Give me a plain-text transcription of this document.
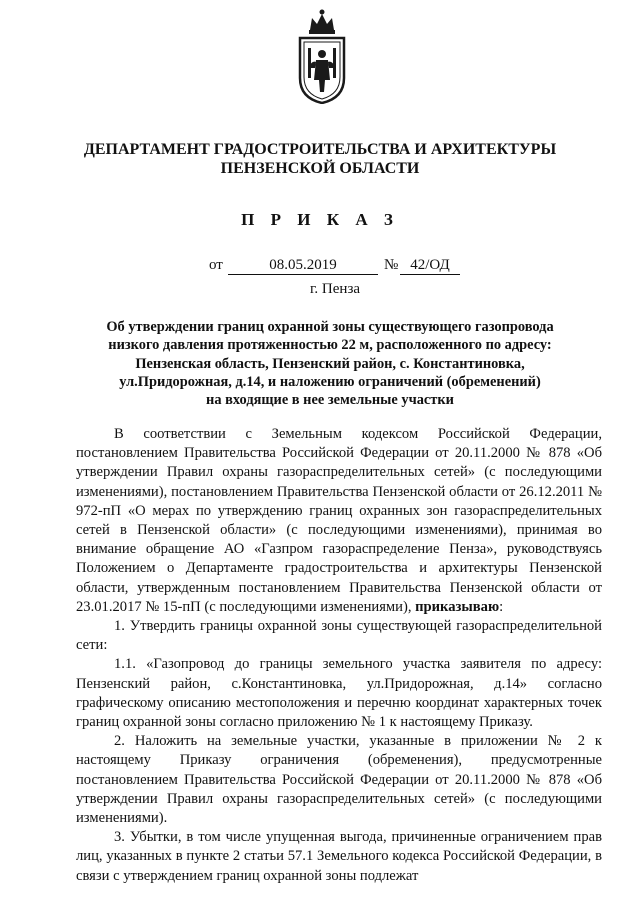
ДЕПАРТАМЕНТ ГРАДОСТРОИТЕЛЬСТВА И АРХИТЕКТУРЫ
ПЕНЗЕНСКОЙ ОБЛАСТИ
П Р И К А З
от	08.05.2019	№ 42/ОД
г. Пенза
Об утверждении границ охранной зоны существующего газопровода
низкого давления протяженностью 22 м, расположенного по адресу:
Пензенская область, Пензенский район, с. Константиновка,
ул.Придорожная, д.14, и наложению ограничений (обременений)
на входящие в нее земельные участки

В соответствии с Земельным кодексом Российской Федерации, постановлением Правительства Российской Федерации от 20.11.2000 № 878 «Об утверждении Правил охраны газораспределительных сетей» (с последующими изменениями), постановлением Правительства Пензенской области от 26.12.2011 № 972-пП «О мерах по утверждению границ охранных зон газораспределительных сетей в Пензенской области» (с последующими изменениями), принимая во внимание обращение АО «Газпром газораспределение Пенза», руководствуясь Положением о Департаменте градостроительства и архитектуры Пензенской области, утвержденным постановлением Правительства Пензенской области от 23.01.2017 № 15-пП (с последующими изменениями), приказываю:

1. Утвердить границы охранной зоны существующей газораспределительной сети:

1.1. «Газопровод до границы земельного участка заявителя по адресу: Пензенский район, с.Константиновка, ул.Придорожная, д.14» согласно графическому описанию местоположения и перечню координат характерных точек границ охранной зоны согласно приложению № 1 к настоящему Приказу.

2. Наложить на земельные участки, указанные в приложении № 2 к настоящему Приказу ограничения (обременения), предусмотренные постановлением Правительства Российской Федерации от 20.11.2000 № 878 «Об утверждении Правил охраны газораспределительных сетей» (с последующими изменениями).

3. Убытки, в том числе упущенная выгода, причиненные ограничением прав лиц, указанных в пункте 2 статьи 57.1 Земельного кодекса Российской Федерации, в связи с утверждением границ охранной зоны подлежат
